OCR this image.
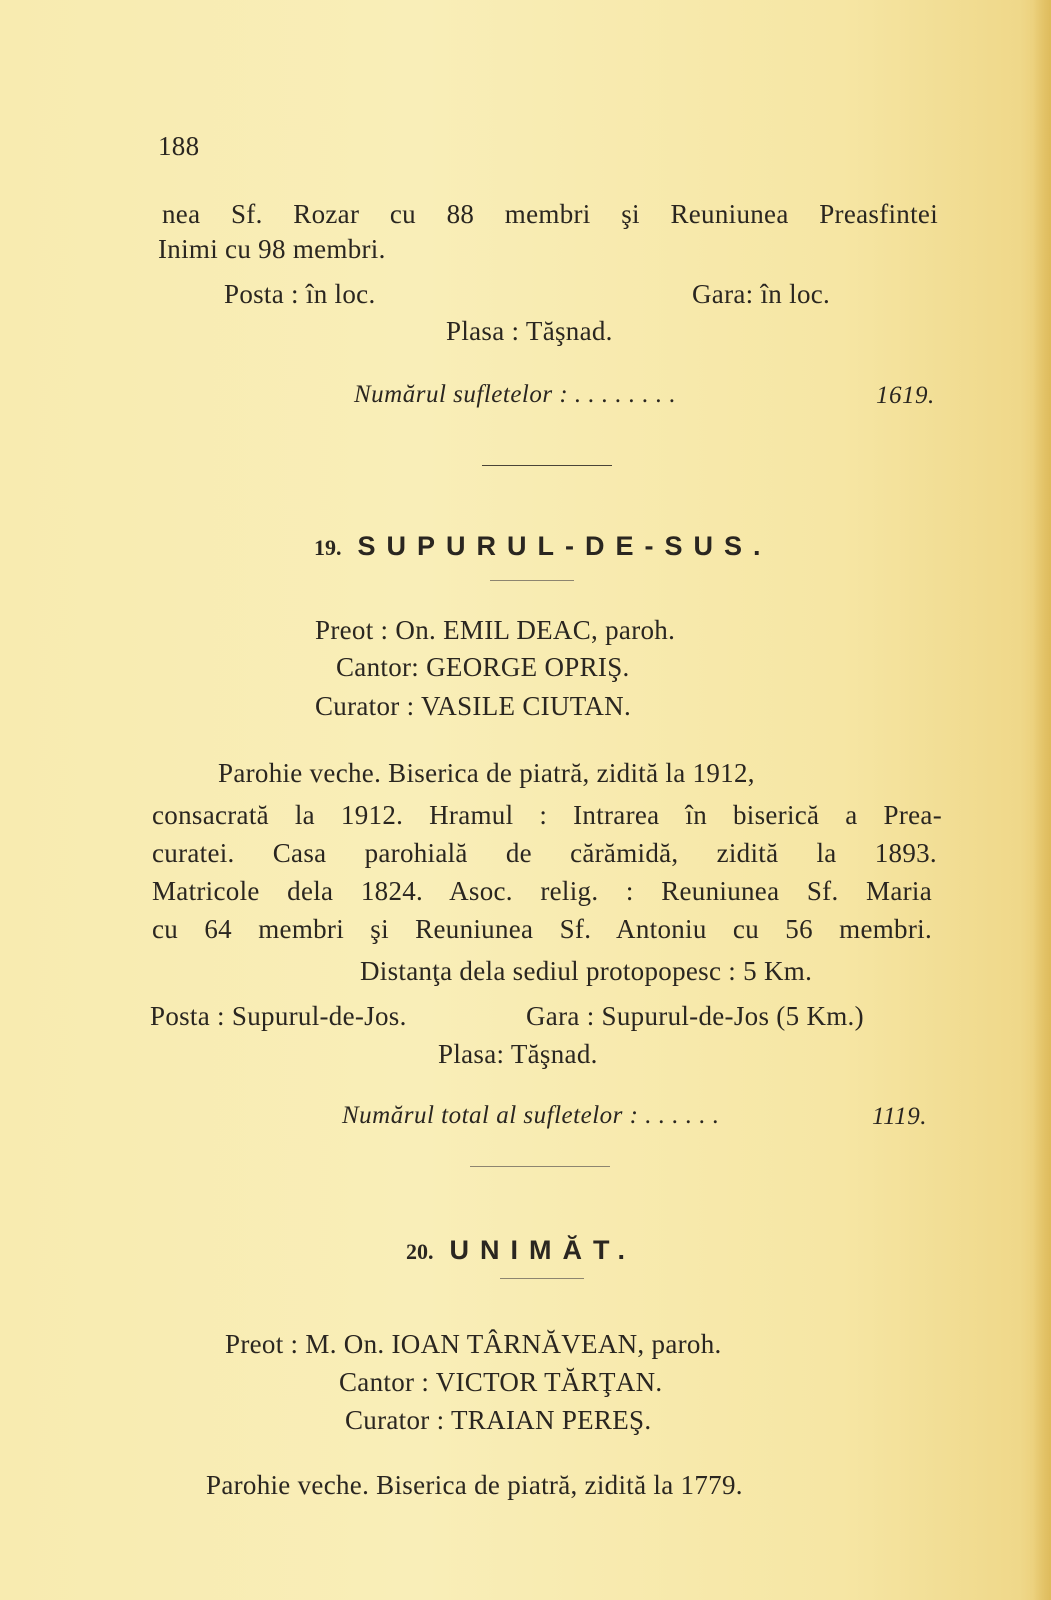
188
nea Sf. Rozar cu 88 membri şi Reuniunea Preasfintei
Inimi cu 98 membri.
Posta : în loc.	Gara: în loc.
Plasa : Tăşnad.
Numărul sufletelor : . . . . . . . .	1619.
19. SUPURUL-DE-SUS.
Preot : On. EMIL DEAC, paroh.
Cantor: GEORGE OPRIŞ.
Curator : VASILE CIUTAN.
Parohie veche. Biserica de piatră, zidită la 1912,
consacrată la 1912. Hramul : Intrarea în biserică a Prea-
curatei. Casa parohială de cărămidă, zidită la 1893.
Matricole dela 1824. Asoc. relig. : Reuniunea Sf. Maria
cu 64 membri şi Reuniunea Sf. Antoniu cu 56 membri.
Distanţa dela sediul protopopesc : 5 Km.
Posta : Supurul-de-Jos.	Gara : Supurul-de-Jos (5 Km.)
Plasa: Tăşnad.
Numărul total al sufletelor : . . . . . .	1119.
20. UNIMĂT.
Preot : M. On. IOAN TÂRNĂVEAN, paroh.
Cantor : VICTOR TĂRŢAN.
Curator : TRAIAN PEREŞ.
Parohie veche. Biserica de piatră, zidită la 1779.
